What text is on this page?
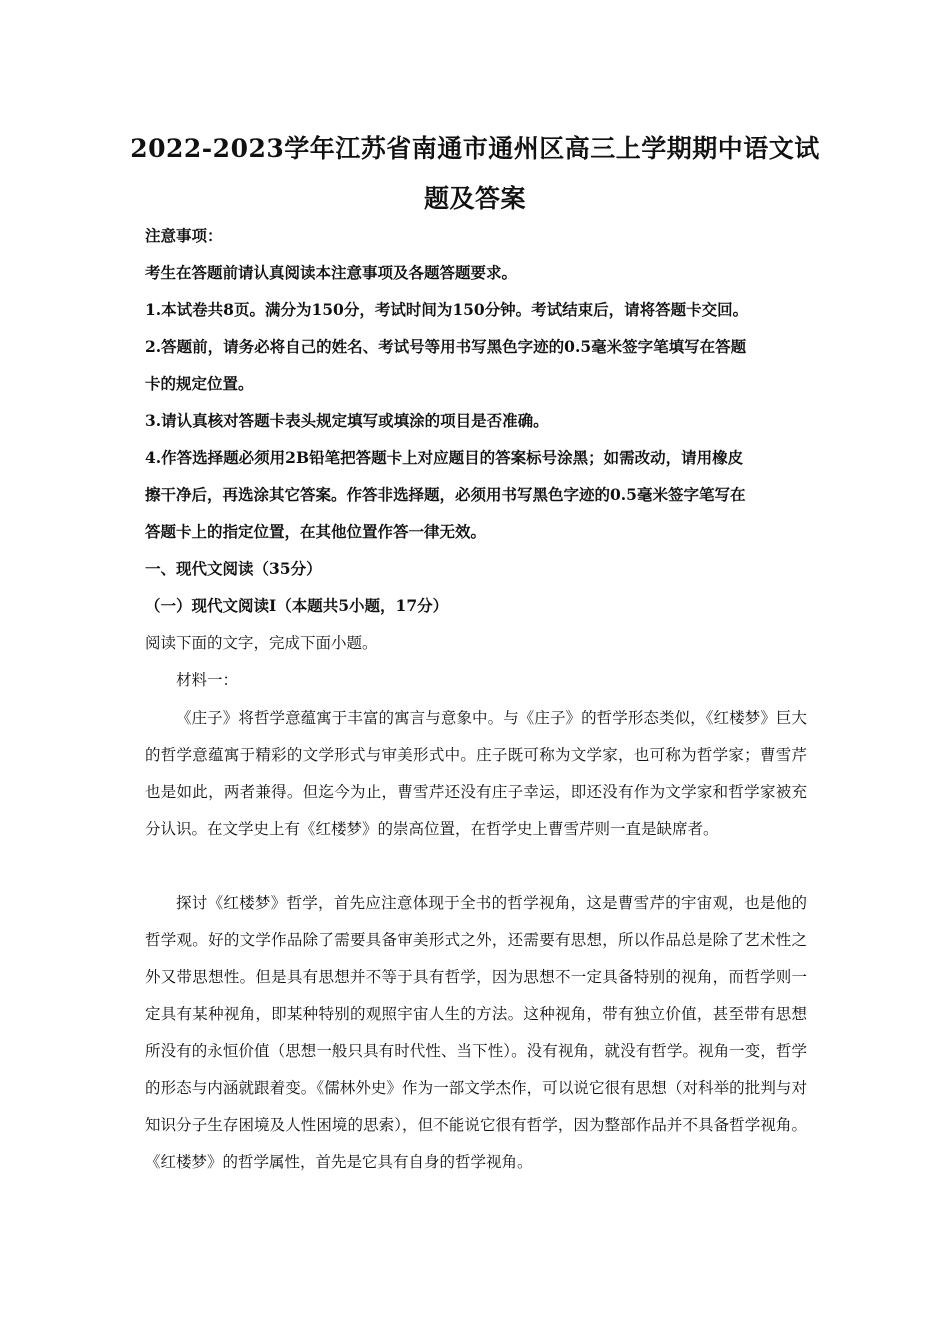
2022-2023学年江苏省南通市通州区高三上学期期中语文试题及答案
注意事项：
考生在答题前请认真阅读本注意事项及各题答题要求。
1.本试卷共8页。满分为150分，考试时间为150分钟。考试结束后，请将答题卡交回。
2.答题前，请务必将自己的姓名、考试号等用书写黑色字迹的0.5毫米签字笔填写在答题
卡的规定位置。
3.请认真核对答题卡表头规定填写或填涂的项目是否准确。
4.作答选择题必须用2B铅笔把答题卡上对应题目的答案标号涂黑；如需改动，请用橡皮
擦干净后，再选涂其它答案。作答非选择题，必须用书写黑色字迹的0.5毫米签字笔写在
答题卡上的指定位置，在其他位置作答一律无效。
一、现代文阅读（35分）
（一）现代文阅读Ⅰ（本题共5小题，17分）
阅读下面的文字，完成下面小题。
材料一：
《庄子》将哲学意蕴寓于丰富的寓言与意象中。与《庄子》的哲学形态类似，《红楼梦》巨大的哲学意蕴寓于精彩的文学形式与审美形式中。庄子既可称为文学家，也可称为哲学家；曹雪芹也是如此，两者兼得。但迄今为止，曹雪芹还没有庄子幸运，即还没有作为文学家和哲学家被充分认识。在文学史上有《红楼梦》的崇高位置，在哲学史上曹雪芹则一直是缺席者。
探讨《红楼梦》哲学，首先应注意体现于全书的哲学视角，这是曹雪芹的宇宙观，也是他的哲学观。好的文学作品除了需要具备审美形式之外，还需要有思想，所以作品总是除了艺术性之外又带思想性。但是具有思想并不等于具有哲学，因为思想不一定具备特别的视角，而哲学则一定具有某种视角，即某种特别的观照宇宙人生的方法。这种视角，带有独立价值，甚至带有思想所没有的永恒价值（思想一般只具有时代性、当下性）。没有视角，就没有哲学。视角一变，哲学的形态与内涵就跟着变。《儒林外史》作为一部文学杰作，可以说它很有思想（对科举的批判与对知识分子生存困境及人性困境的思索），但不能说它很有哲学，因为整部作品并不具备哲学视角。《红楼梦》的哲学属性，首先是它具有自身的哲学视角。
